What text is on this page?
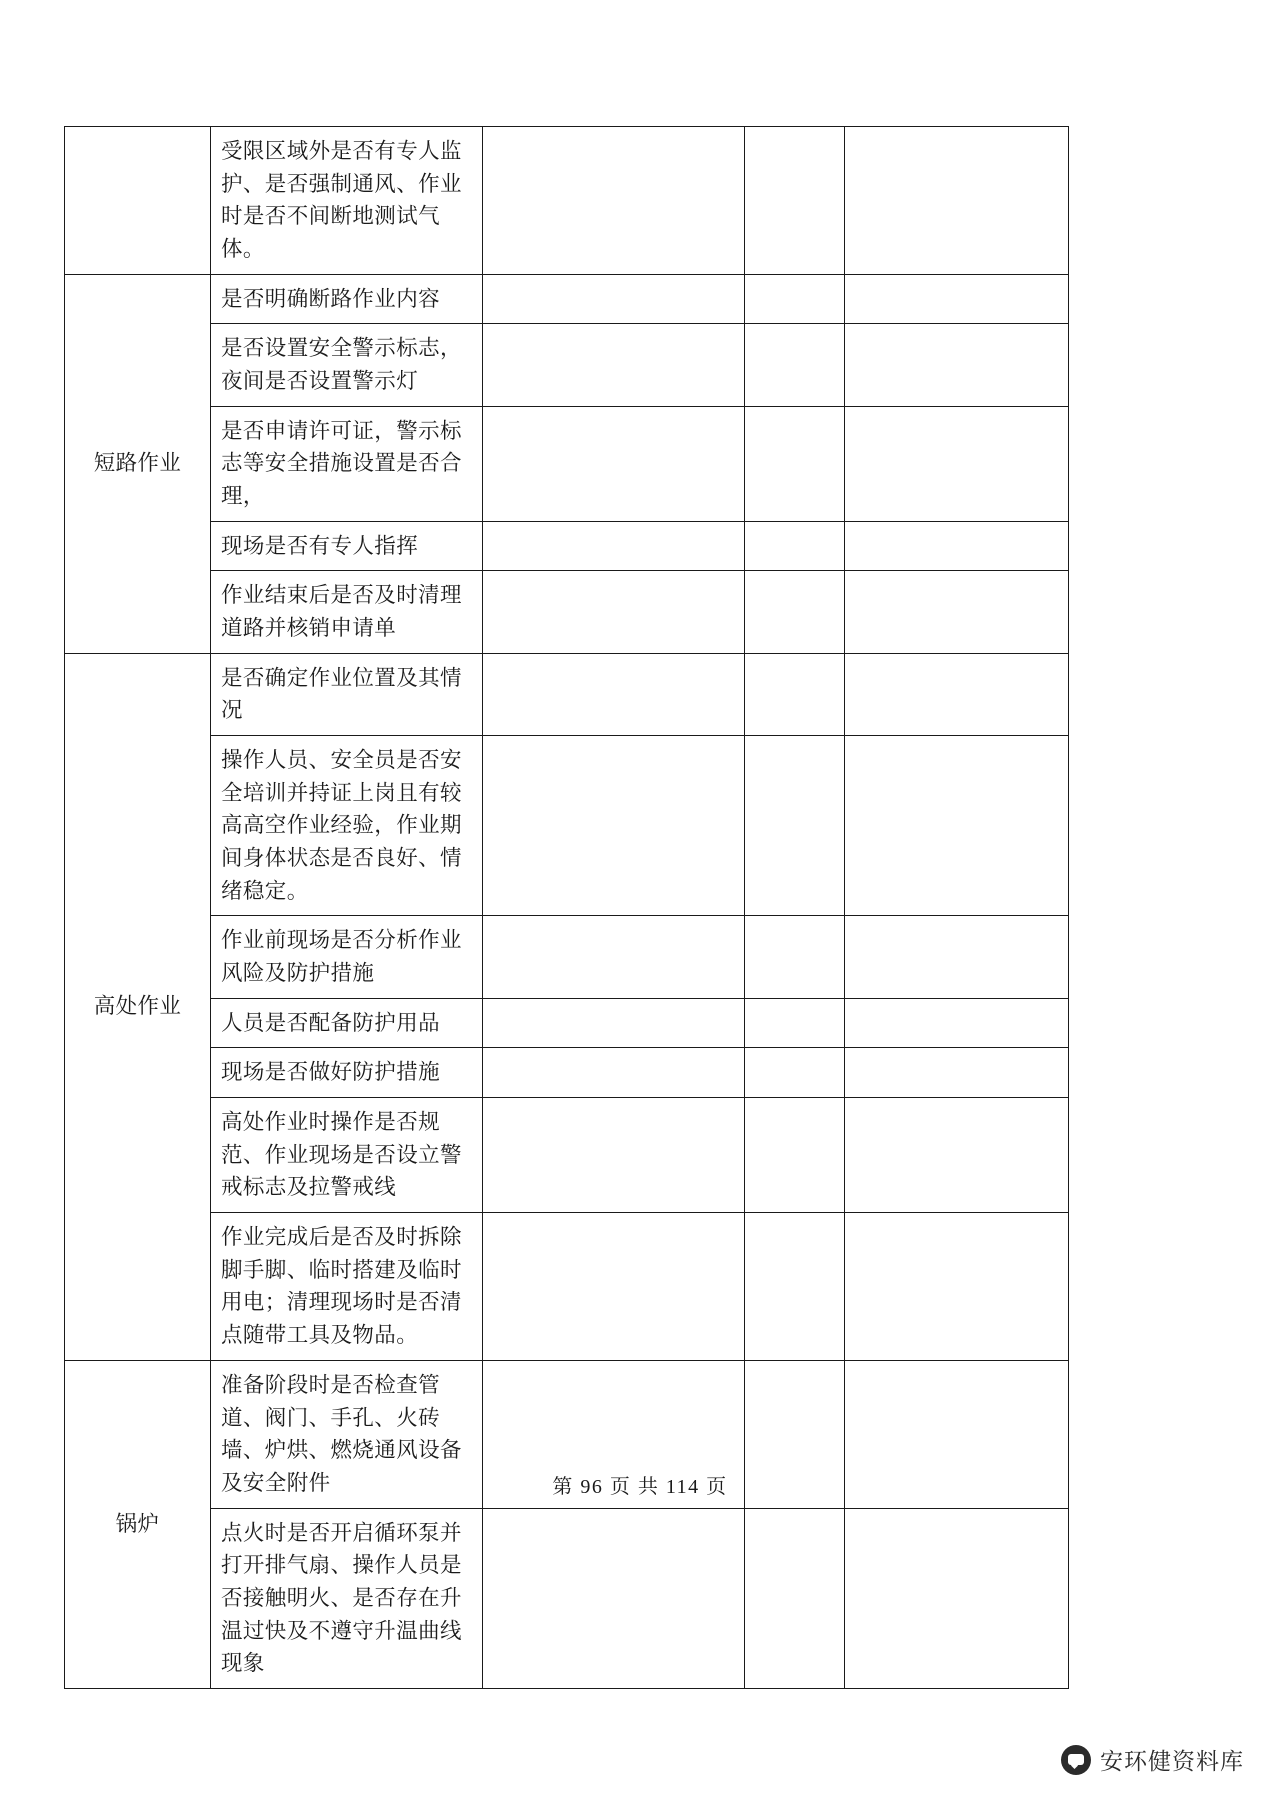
	受限区域外是否有专人监护、是否强制通风、作业时是否不间断地测试气体。			

短路作业	是否明确断路作业内容			

	是否设置安全警示标志，夜间是否设置警示灯			

	是否申请许可证，警示标志等安全措施设置是否合理，			

	现场是否有专人指挥			

	作业结束后是否及时清理道路并核销申请单			

高处作业	是否确定作业位置及其情况			

	操作人员、安全员是否安全培训并持证上岗且有较高高空作业经验，作业期间身体状态是否良好、情绪稳定。			

	作业前现场是否分析作业风险及防护措施			

	人员是否配备防护用品			

	现场是否做好防护措施			

	高处作业时操作是否规范、作业现场是否设立警戒标志及拉警戒线			

	作业完成后是否及时拆除脚手脚、临时搭建及临时用电；清理现场时是否清点随带工具及物品。			

锅炉	准备阶段时是否检查管道、阀门、手孔、火砖墙、炉烘、燃烧通风设备及安全附件			

	点火时是否开启循环泵并打开排气扇、操作人员是否接触明火、是否存在升温过快及不遵守升温曲线现象			

第 96 页 共 114 页
安环健资料库
